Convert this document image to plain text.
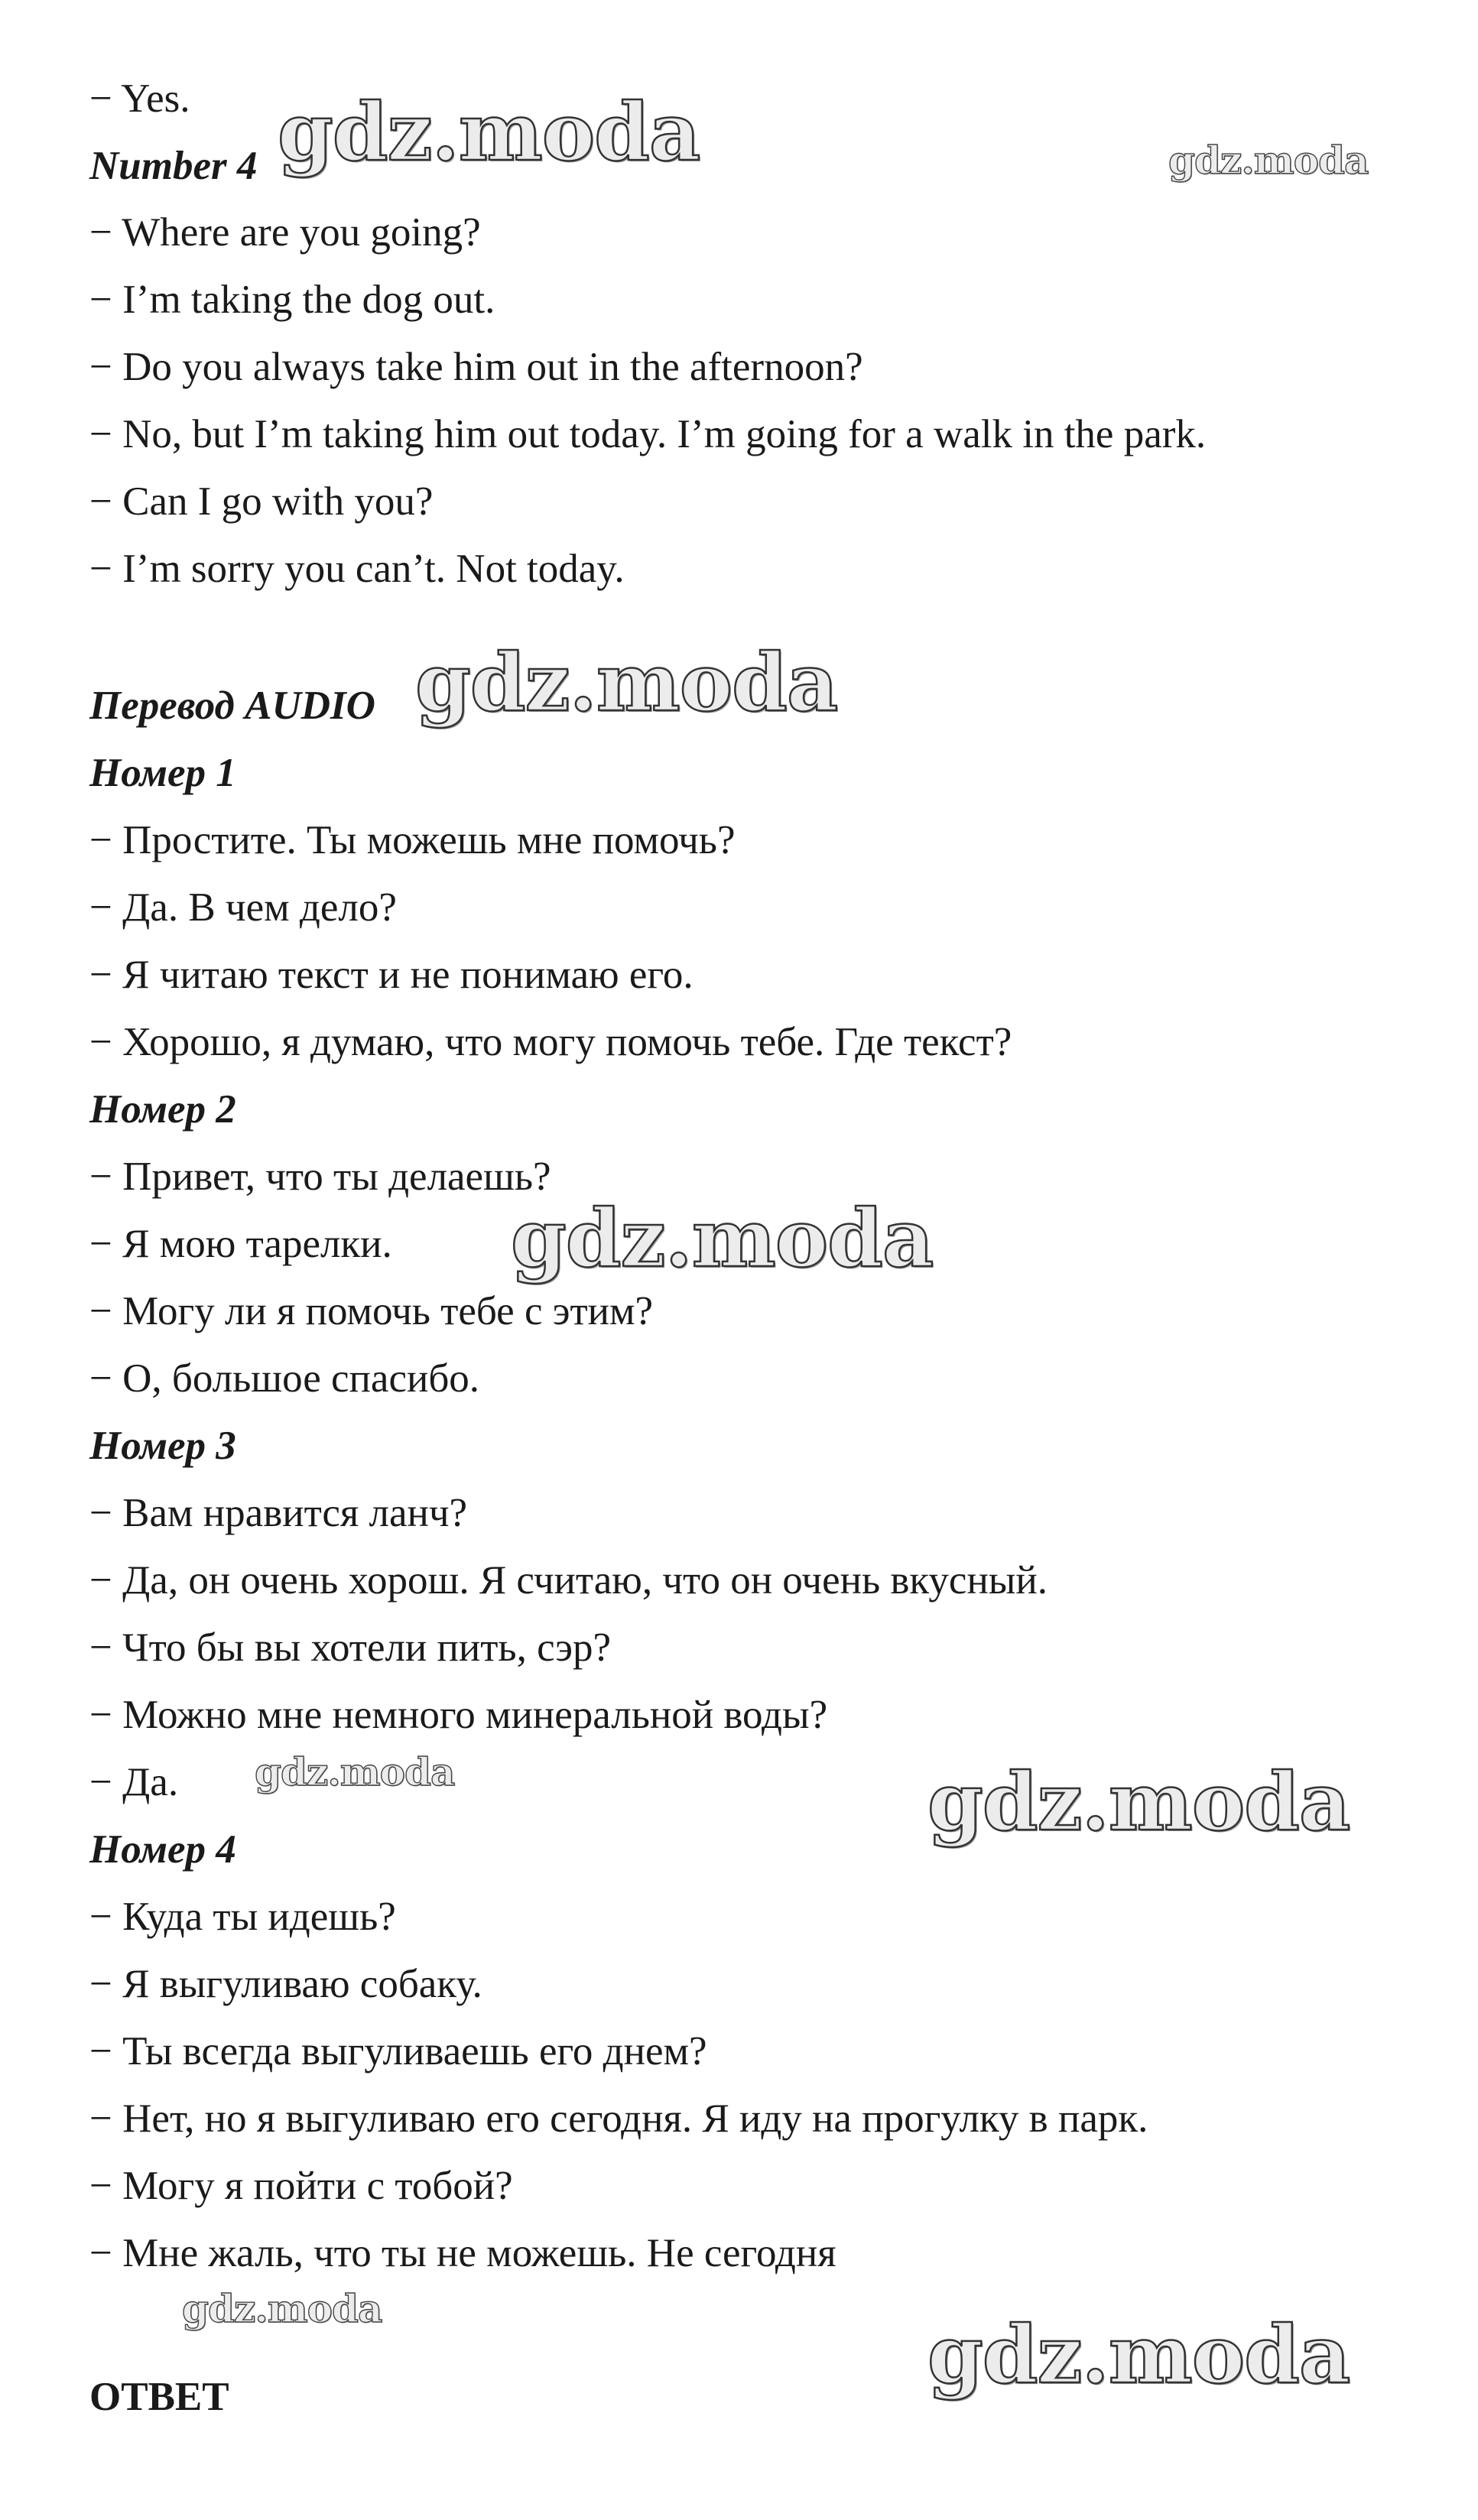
− Yes.
Number 4
− Where are you going?
− I’m taking the dog out.
− Do you always take him out in the afternoon?
− No, but I’m taking him out today. I’m going for a walk in the park.
− Can I go with you?
− I’m sorry you can’t. Not today.
Перевод AUDIO
Номер 1
− Простите. Ты можешь мне помочь?
− Да. В чем дело?
− Я читаю текст и не понимаю его.
− Хорошо, я думаю, что могу помочь тебе. Где текст?
Номер 2
− Привет, что ты делаешь?
− Я мою тарелки.
− Могу ли я помочь тебе с этим?
− О, большое спасибо.
Номер 3
− Вам нравится ланч?
− Да, он очень хорош. Я считаю, что он очень вкусный.
− Что бы вы хотели пить, сэр?
− Можно мне немного минеральной воды?
− Да.
Номер 4
− Куда ты идешь?
− Я выгуливаю собаку.
− Ты всегда выгуливаешь его днем?
− Нет, но я выгуливаю его сегодня. Я иду на прогулку в парк.
− Могу я пойти с тобой?
− Мне жаль, что ты не можешь. Не сегодня
ОТВЕТ
gdz.moda	gdz.moda
gdz.moda
gdz.moda
gdz.moda	gdz.moda
gdz.moda	gdz.moda
